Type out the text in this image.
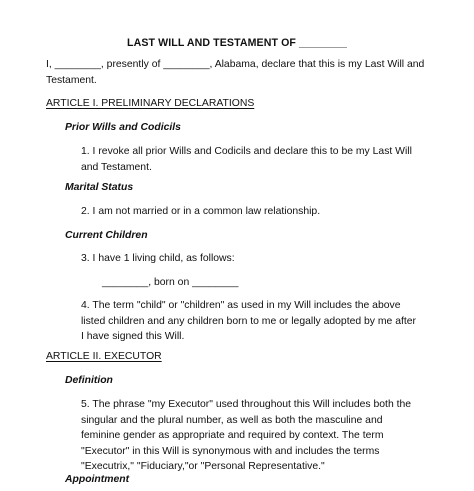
LAST WILL AND TESTAMENT OF ________
I, ________, presently of ________, Alabama, declare that this is my Last Will and Testament.
ARTICLE I. PRELIMINARY DECLARATIONS
Prior Wills and Codicils
1. I revoke all prior Wills and Codicils and declare this to be my Last Will and Testament.
Marital Status
2. I am not married or in a common law relationship.
Current Children
3. I have 1 living child, as follows:
________, born on ________
4. The term "child" or "children" as used in my Will includes the above listed children and any children born to me or legally adopted by me after I have signed this Will.
ARTICLE II. EXECUTOR
Definition
5. The phrase "my Executor" used throughout this Will includes both the singular and the plural number, as well as both the masculine and feminine gender as appropriate and required by context. The term "Executor" in this Will is synonymous with and includes the terms "Executrix," "Fiduciary,"or "Personal Representative."
Appointment
